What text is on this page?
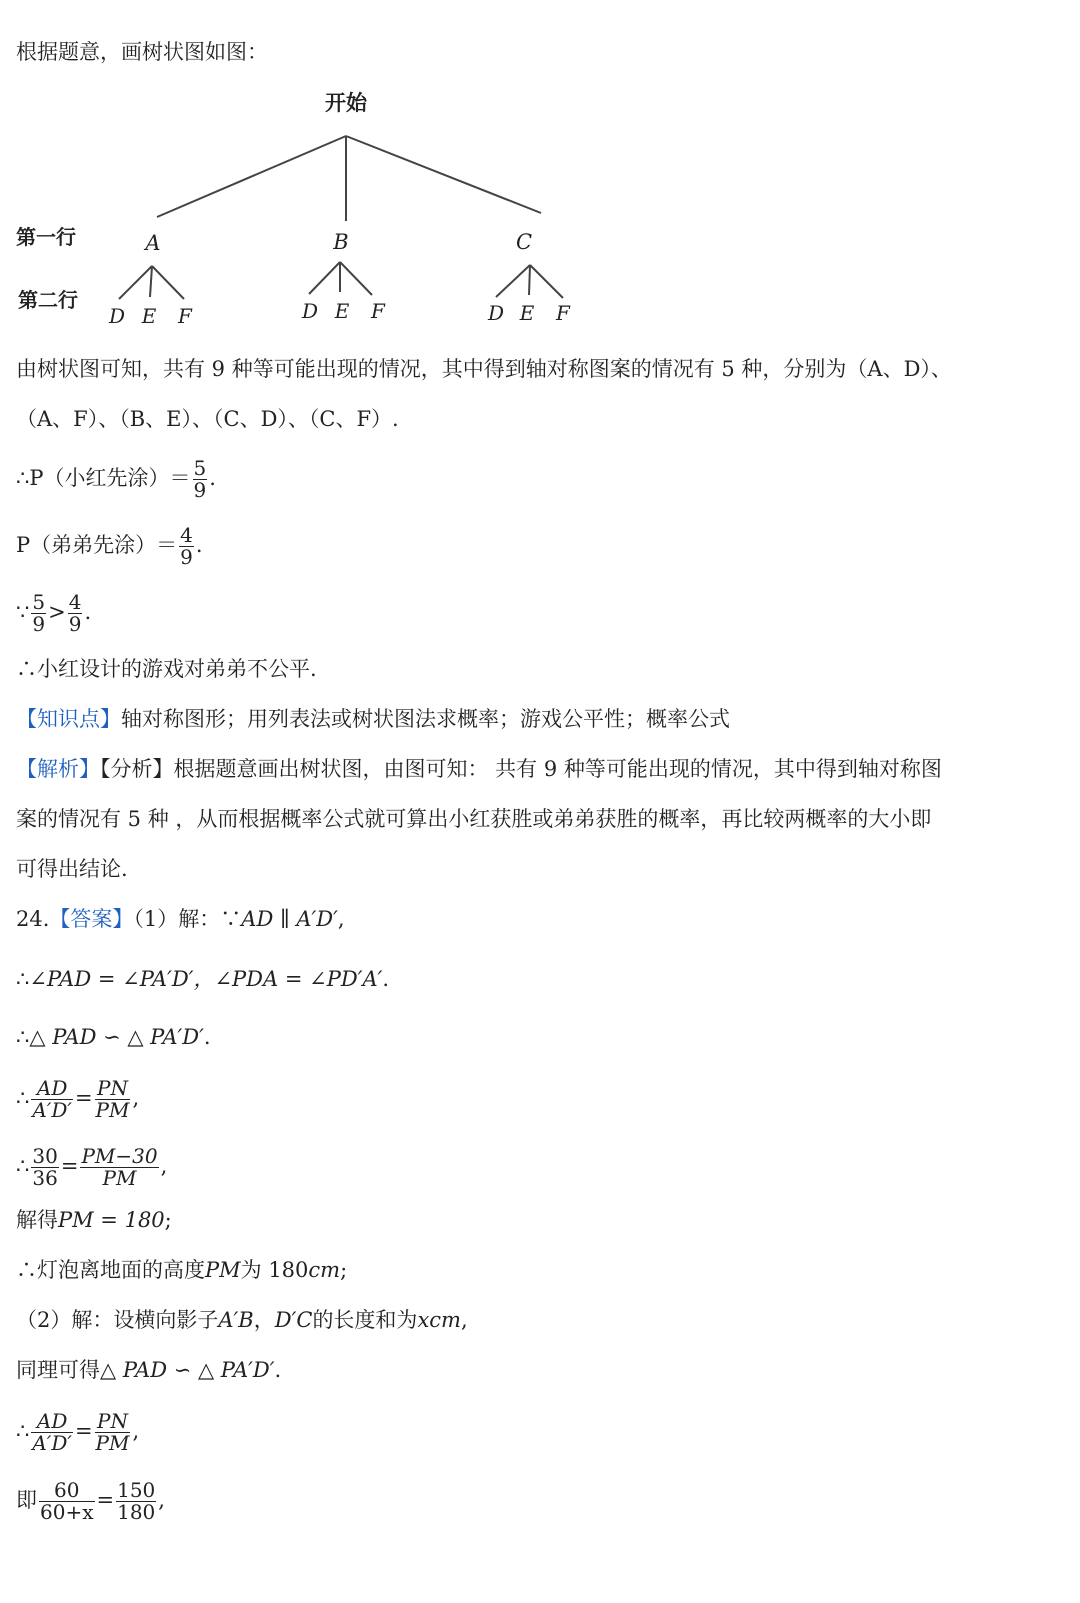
根据题意，画树状图如图：
开始
第一行
第二行
A	B	C
D E F	D E F	D E F
由树状图可知，共有 9 种等可能出现的情况，其中得到轴对称图案的情况有 5 种，分别为（A、D）、
（A、F）、（B、E）、（C、D）、（C、F）.
∴P（小红先涂）＝ $\frac{5}{9}$ .
P（弟弟先涂）＝ $\frac{4}{9}$ .
∵ $\frac{5}{9} > \frac{4}{9}$ .
∴小红设计的游戏对弟弟不公平.
【知识点】轴对称图形；用列表法或树状图法求概率；游戏公平性；概率公式
【解析】【分析】根据题意画出树状图，由图可知： 共有 9 种等可能出现的情况，其中得到轴对称图
案的情况有 5 种 ，从而根据概率公式就可算出小红获胜或弟弟获胜的概率，再比较两概率的大小即
可得出结论.
24.【答案】（1）解：∵AD ∥ A′D′,
∴∠PAD = ∠PA′D′，∠PDA = ∠PD′A′.
∴△ PAD ∽ △ PA′D′.
∴ $\frac{AD}{A'D'} = \frac{PN}{PM}$ ,
∴ $\frac{30}{36} = \frac{PM-30}{PM}$ ,
解得PM = 180;
∴灯泡离地面的高度PM为 180cm;
（2）解：设横向影子A′B，D′C的长度和为xcm,
同理可得△ PAD ∽ △ PA′D′.
∴ $\frac{AD}{A'D'} = \frac{PN}{PM}$ ,
即 $\frac{60}{60+x} = \frac{150}{180}$ ,
